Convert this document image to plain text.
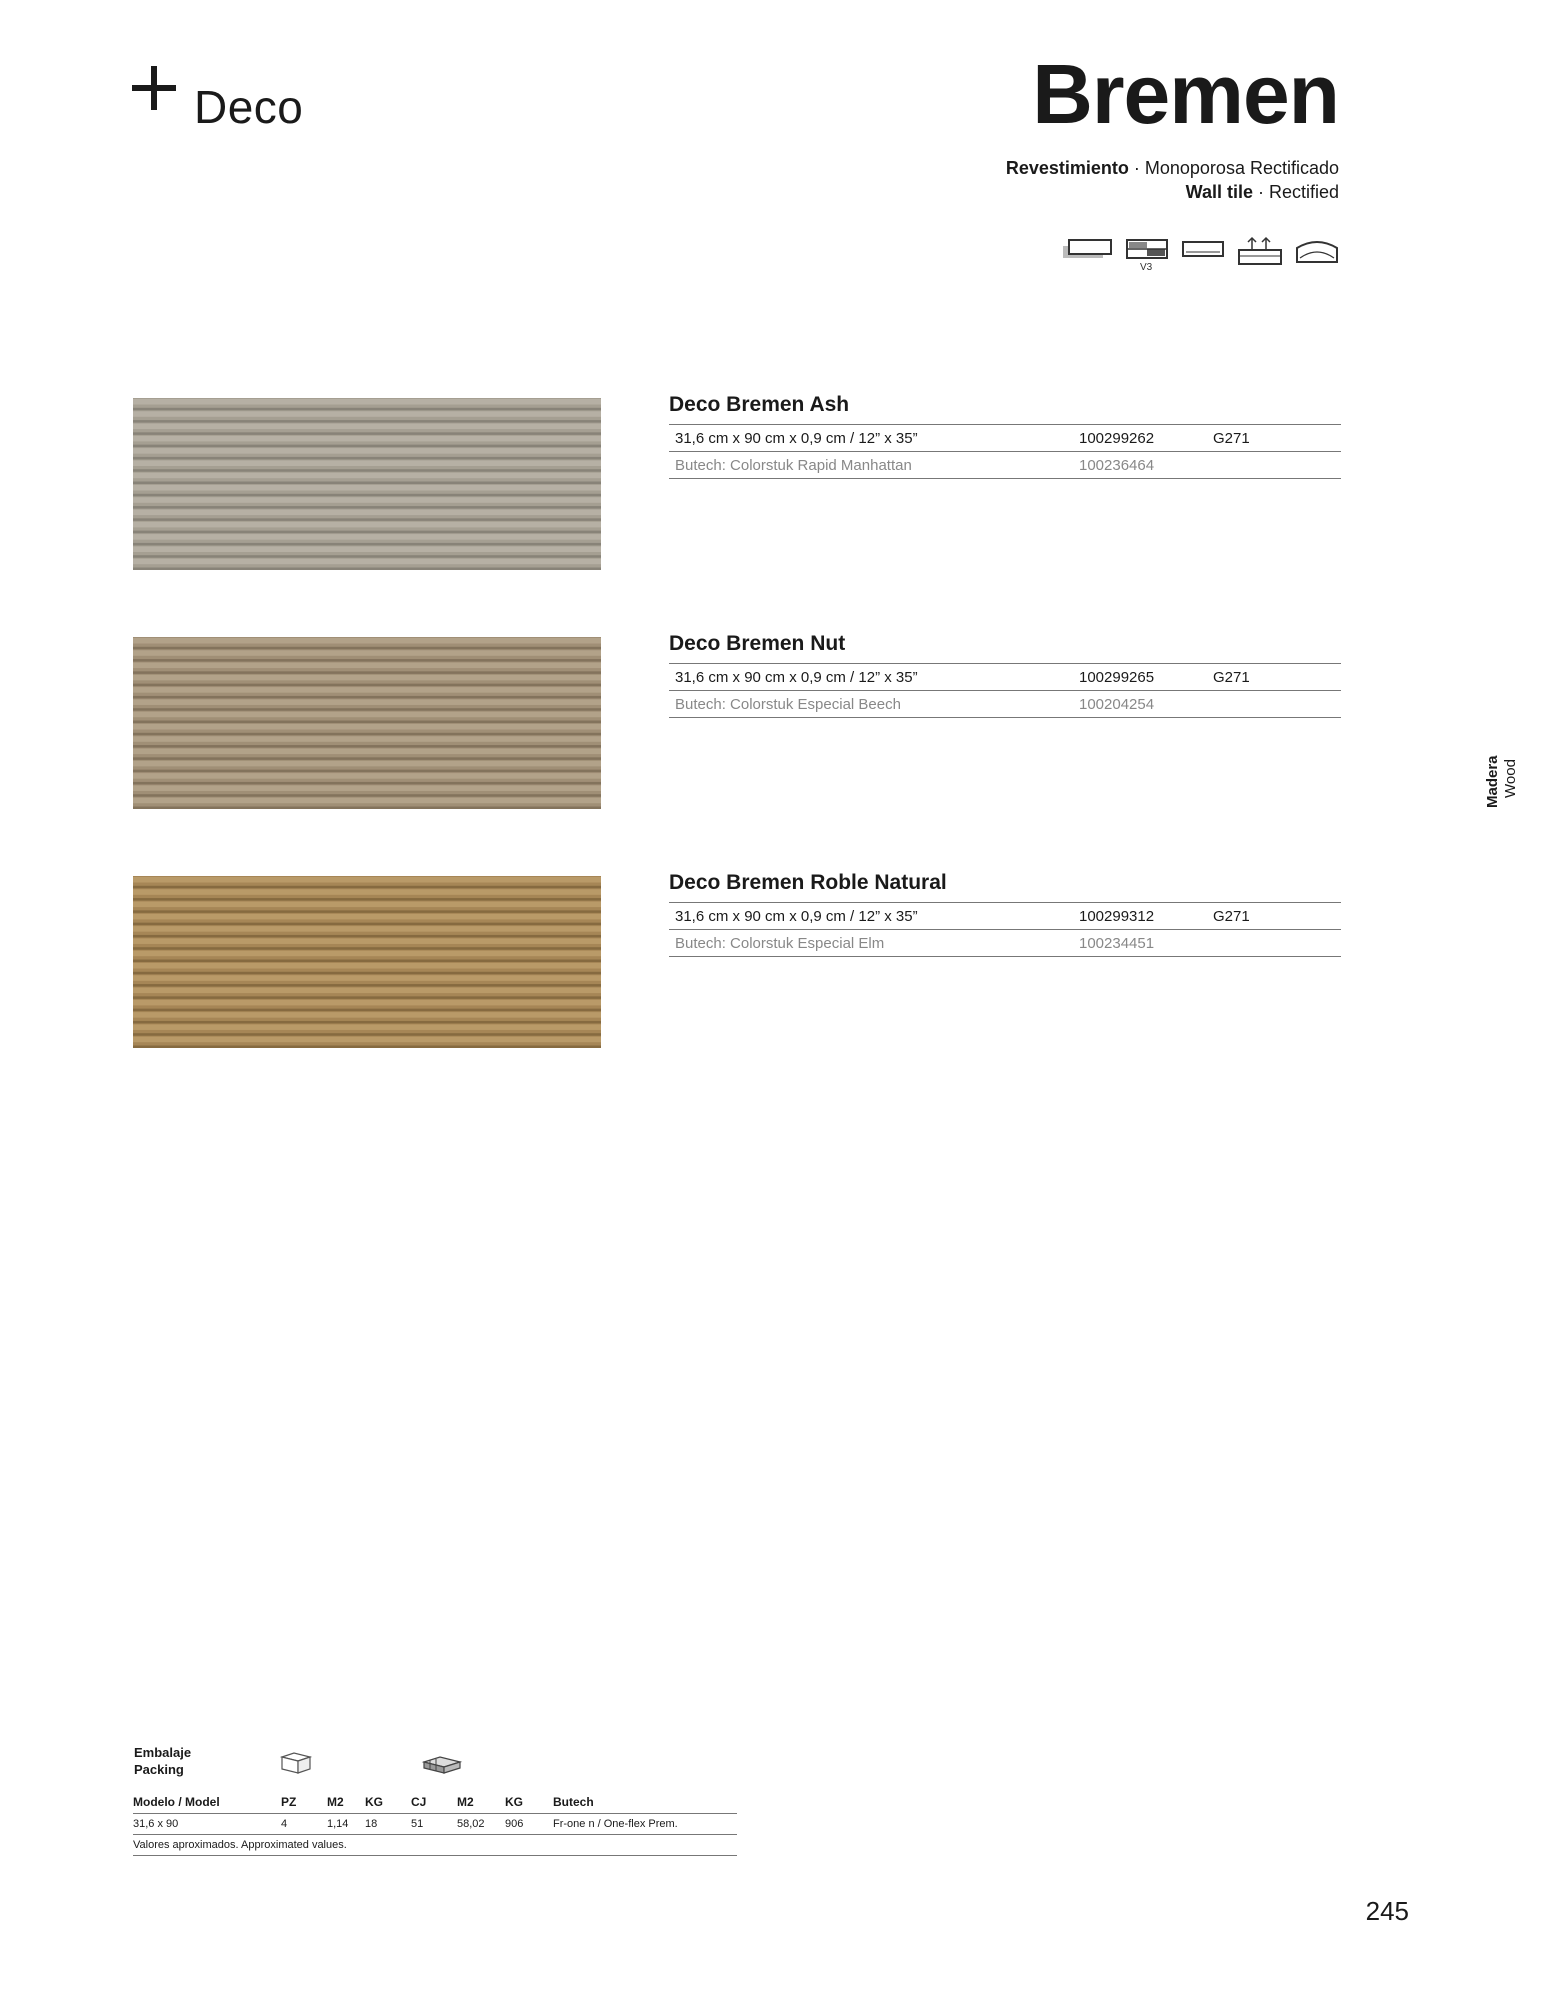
Deco	Bremen
Revestimiento · Monoporosa Rectificado
Wall tile · Rectified
V3
Deco Bremen Ash
31,6 cm x 90 cm x 0,9 cm / 12” x 35”	100299262	G271
Butech: Colorstuk Rapid Manhattan	100236464
Deco Bremen Nut
31,6 cm x 90 cm x 0,9 cm / 12” x 35”	100299265	G271
Butech: Colorstuk Especial Beech	100204254
Deco Bremen Roble Natural
31,6 cm x 90 cm x 0,9 cm / 12” x 35”	100299312	G271
Butech: Colorstuk Especial Elm	100234451
Madera Wood
Embalaje
Packing
Modelo / Model	PZ	M2	KG	CJ	M2	KG	Butech
31,6 x 90	4	1,14	18	51	58,02	906	Fr-one n / One-flex Prem.
Valores aproximados. Approximated values.
245
